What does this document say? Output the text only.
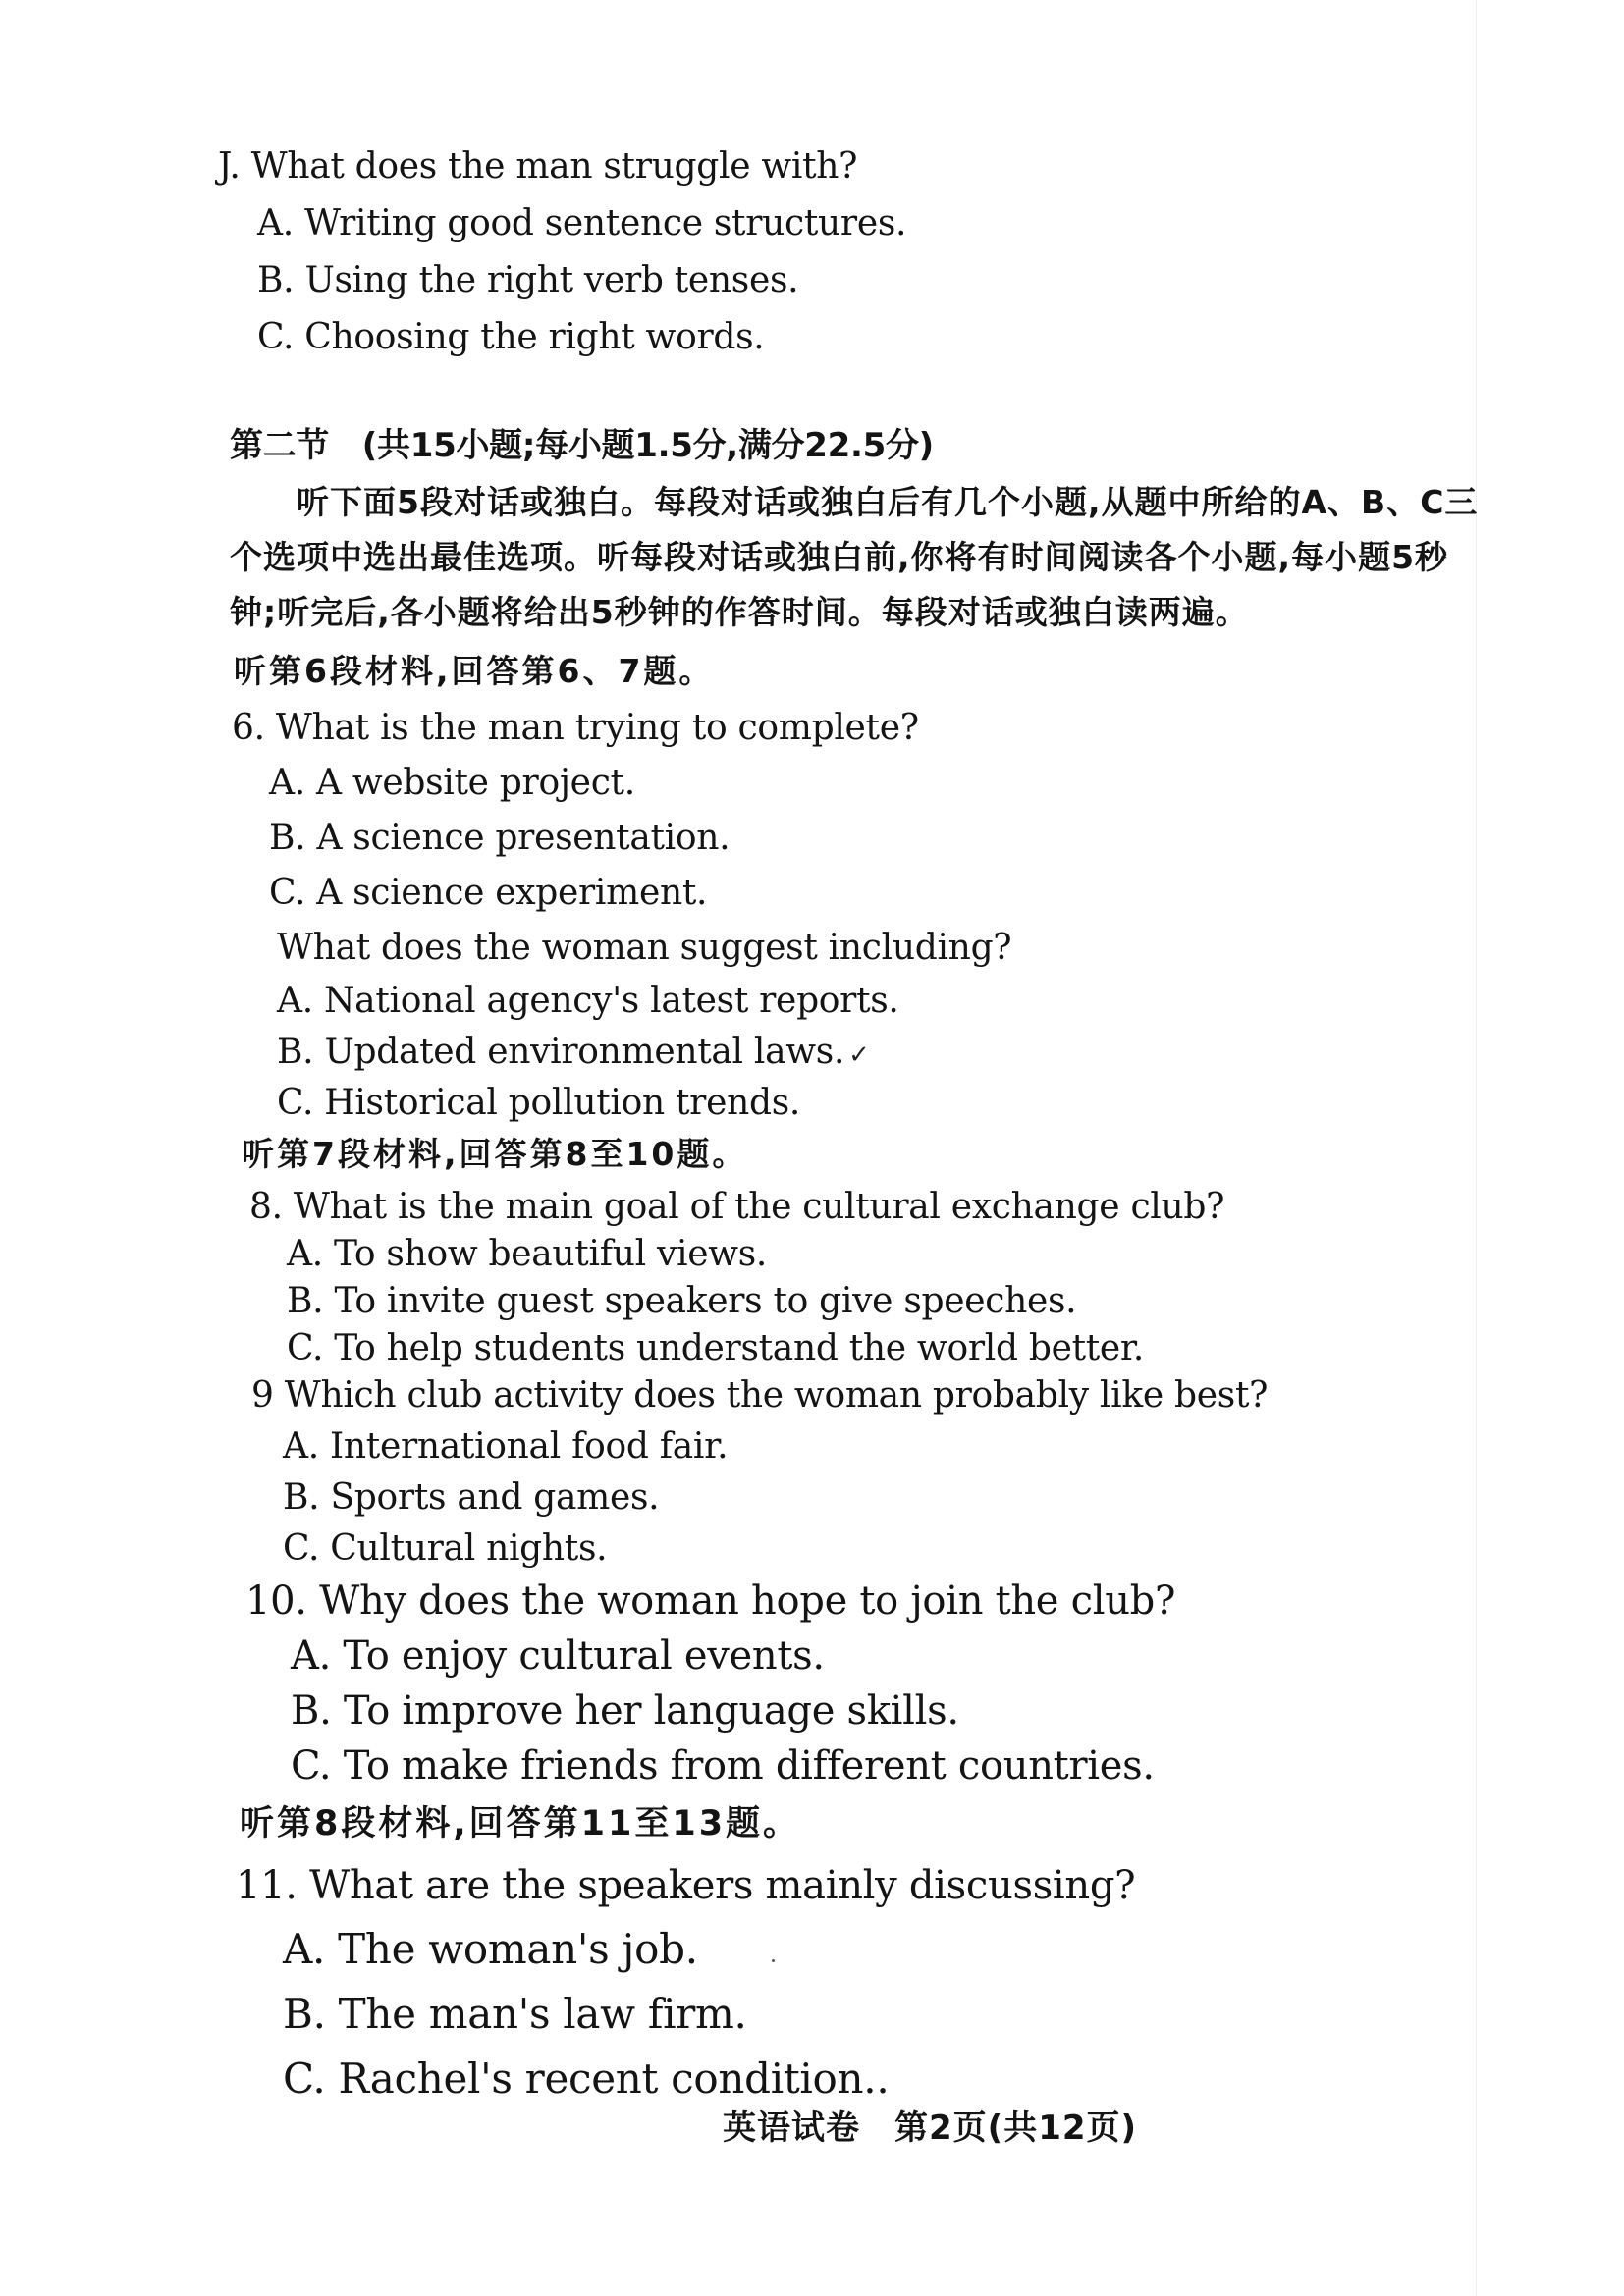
J. What does the man struggle with?
A. Writing good sentence structures.
B. Using the right verb tenses.
C. Choosing the right words.
第二节　(共15小题;每小题1.5分,满分22.5分)
听下面5段对话或独白。每段对话或独白后有几个小题,从题中所给的A、B、C三
个选项中选出最佳选项。听每段对话或独白前,你将有时间阅读各个小题,每小题5秒
钟;听完后,各小题将给出5秒钟的作答时间。每段对话或独白读两遍。
听第6段材料,回答第6、7题。
6. What is the man trying to complete?
A. A website project.
B. A science presentation.
C. A science experiment.
What does the woman suggest including?
A. National agency's latest reports.
B. Updated environmental laws. ✓
C. Historical pollution trends.
听第7段材料,回答第8至10题。
8. What is the main goal of the cultural exchange club?
A. To show beautiful views.
B. To invite guest speakers to give speeches.
C. To help students understand the world better.
9 Which club activity does the woman probably like best?
A. International food fair.
B. Sports and games.
C. Cultural nights.
10. Why does the woman hope to join the club?
A. To enjoy cultural events.
B. To improve her language skills.
C. To make friends from different countries.
听第8段材料,回答第11至13题。
11. What are the speakers mainly discussing?
A. The woman's job.
B. The man's law firm.
C. Rachel's recent condition..
英语试卷　第2页(共12页)
